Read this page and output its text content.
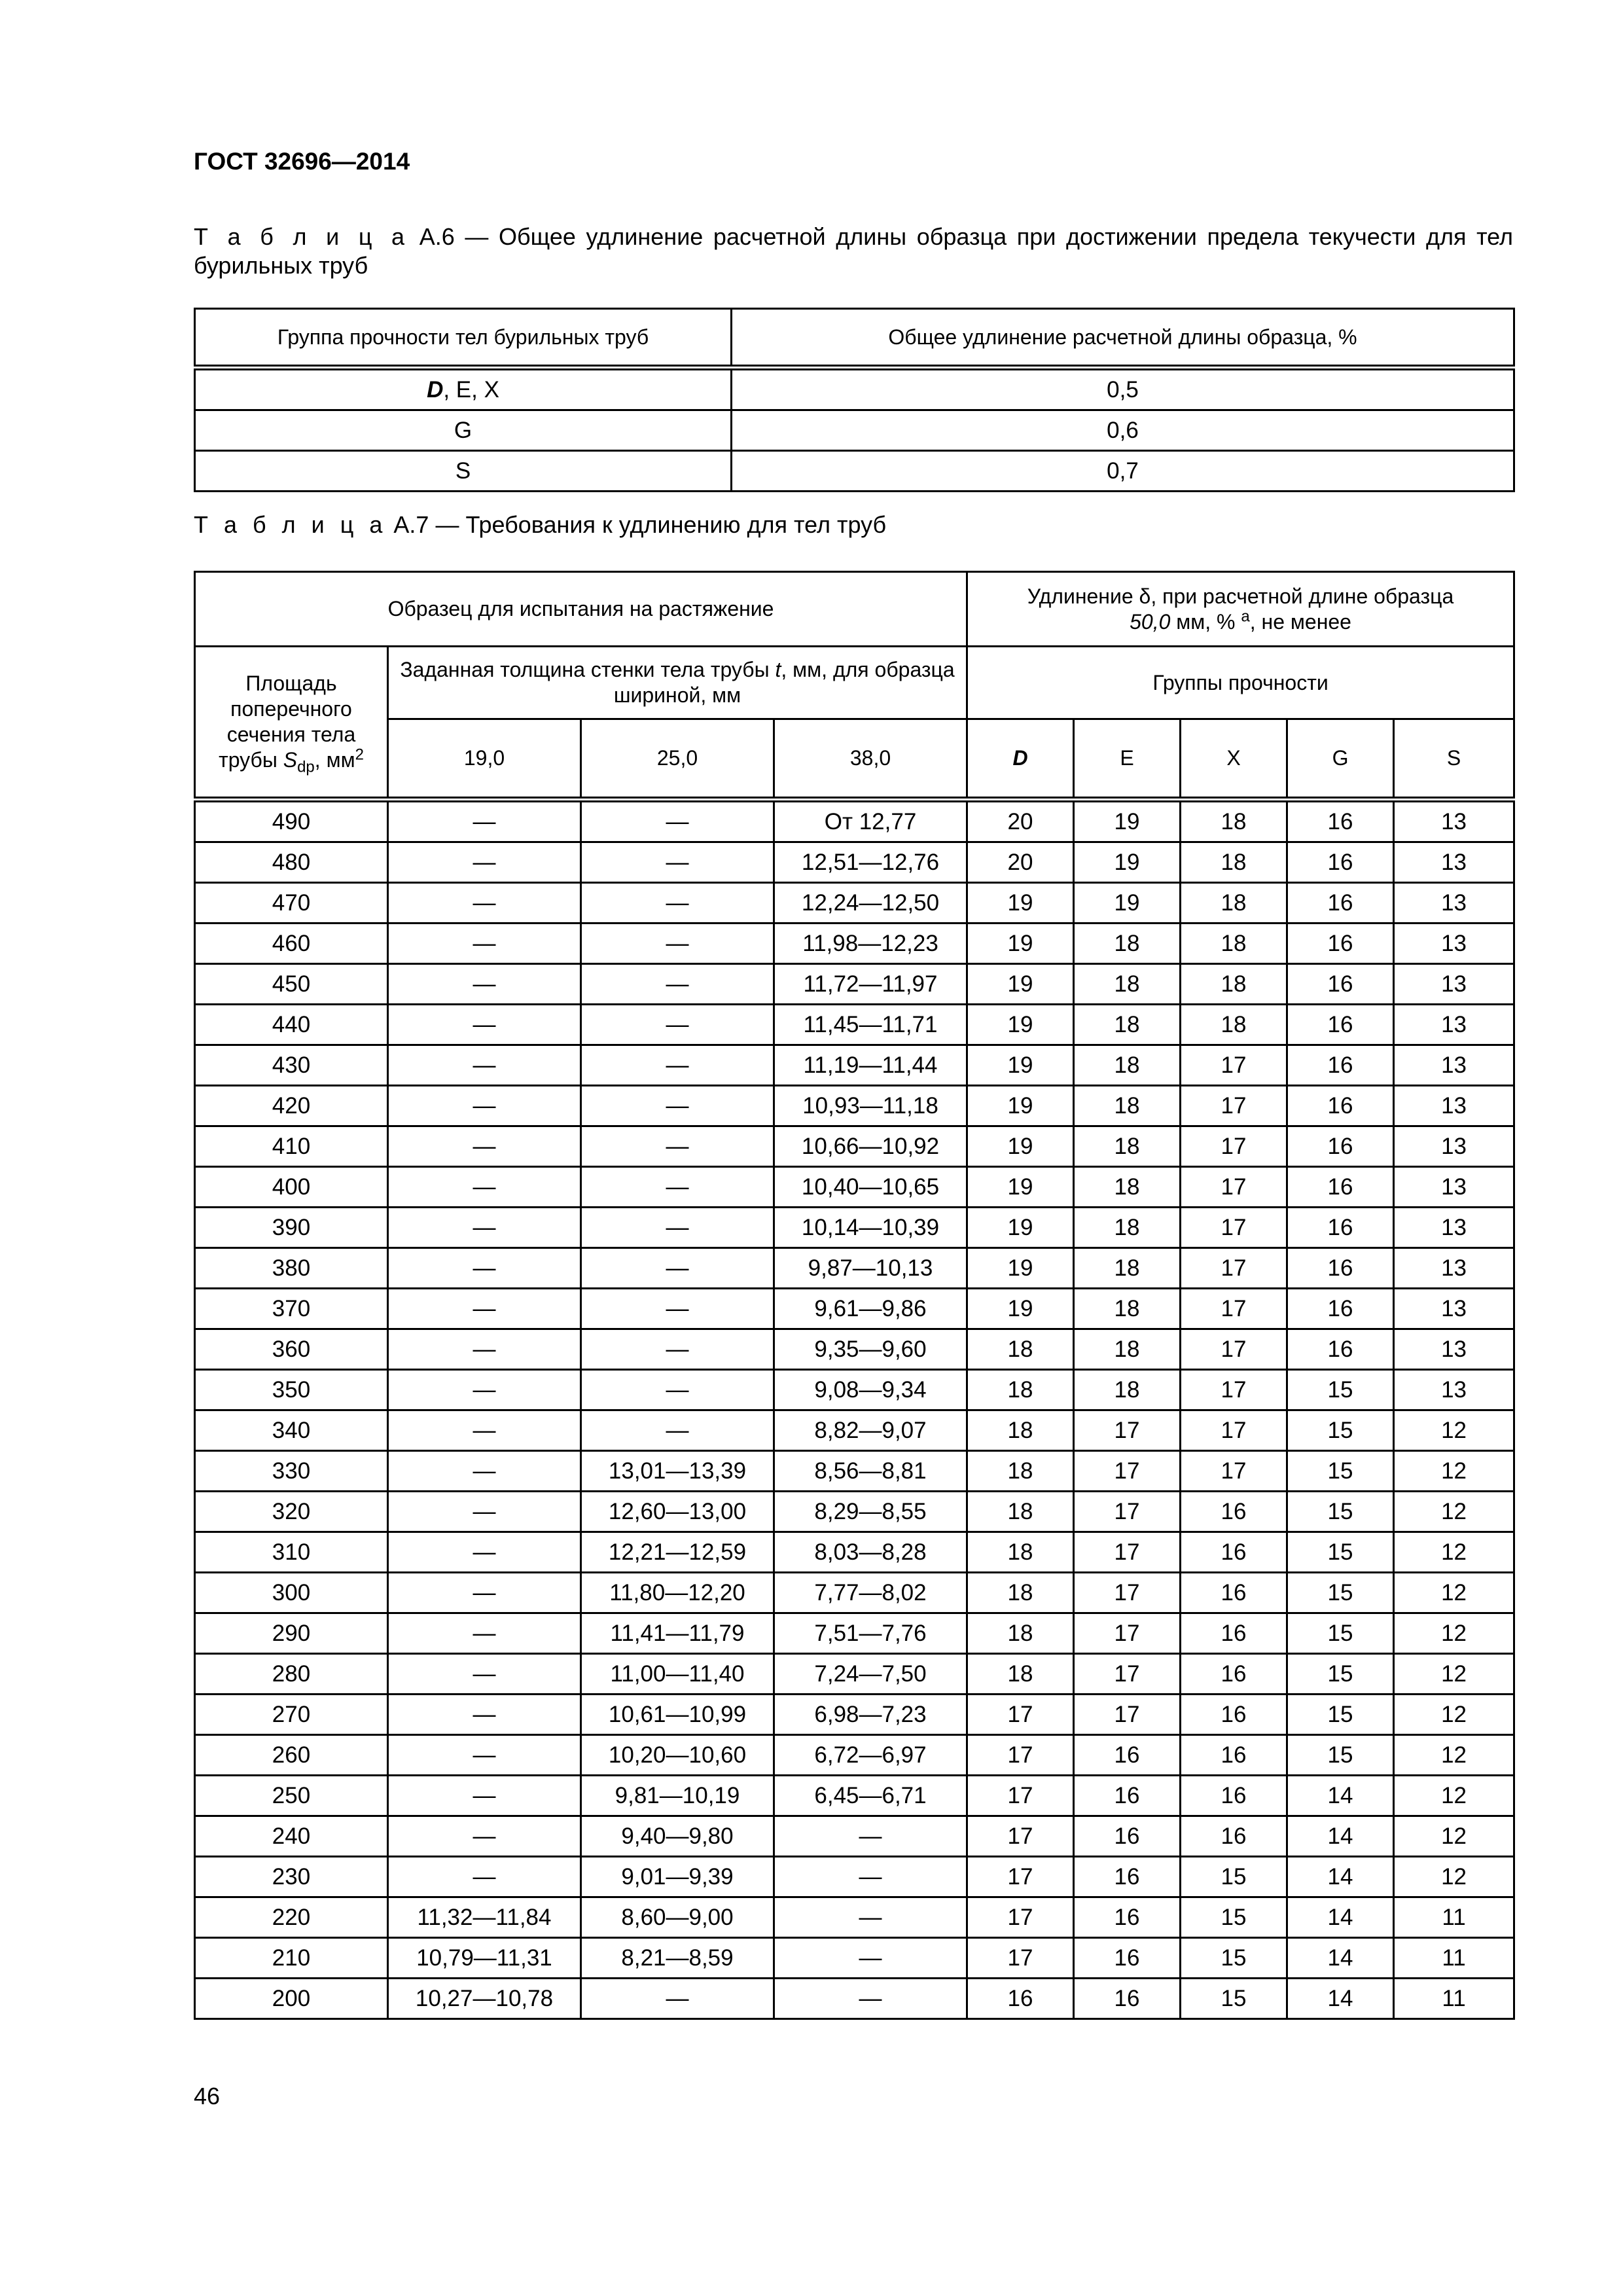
ГОСТ 32696—2014
Т а б л и ц а А.6 — Общее удлинение расчетной длины образца при достижении предела текучести для тел бурильных труб
Группа прочности тел бурильных труб	Общее удлинение расчетной длины образца, %
D, E, X	0,5
G	0,6
S	0,7
Т а б л и ц а А.7 — Требования к удлинению для тел труб
Образец для испытания на растяжение				Удлинение δ, при расчетной длине образца
50,0 мм, % $^а$, не менее				
Площадь поперечного сечения тела трубы $S_{dp}$, $мм^2$	Заданная толщина стенки тела трубы t, мм, для образца шириной, мм			Группы прочности				
	19,0	25,0	38,0	D	E	X	G	S
490	—	—	От 12,77	20	19	18	16	13
480	—	—	12,51—12,76	20	19	18	16	13
470	—	—	12,24—12,50	19	19	18	16	13
460	—	—	11,98—12,23	19	18	18	16	13
450	—	—	11,72—11,97	19	18	18	16	13
440	—	—	11,45—11,71	19	18	18	16	13
430	—	—	11,19—11,44	19	18	17	16	13
420	—	—	10,93—11,18	19	18	17	16	13
410	—	—	10,66—10,92	19	18	17	16	13
400	—	—	10,40—10,65	19	18	17	16	13
390	—	—	10,14—10,39	19	18	17	16	13
380	—	—	9,87—10,13	19	18	17	16	13
370	—	—	9,61—9,86	19	18	17	16	13
360	—	—	9,35—9,60	18	18	17	16	13
350	—	—	9,08—9,34	18	18	17	15	13
340	—	—	8,82—9,07	18	17	17	15	12
330	—	13,01—13,39	8,56—8,81	18	17	17	15	12
320	—	12,60—13,00	8,29—8,55	18	17	16	15	12
310	—	12,21—12,59	8,03—8,28	18	17	16	15	12
300	—	11,80—12,20	7,77—8,02	18	17	16	15	12
290	—	11,41—11,79	7,51—7,76	18	17	16	15	12
280	—	11,00—11,40	7,24—7,50	18	17	16	15	12
270	—	10,61—10,99	6,98—7,23	17	17	16	15	12
260	—	10,20—10,60	6,72—6,97	17	16	16	15	12
250	—	9,81—10,19	6,45—6,71	17	16	16	14	12
240	—	9,40—9,80	—	17	16	16	14	12
230	—	9,01—9,39	—	17	16	15	14	12
220	11,32—11,84	8,60—9,00	—	17	16	15	14	11
210	10,79—11,31	8,21—8,59	—	17	16	15	14	11
200	10,27—10,78	—	—	16	16	15	14	11

46
